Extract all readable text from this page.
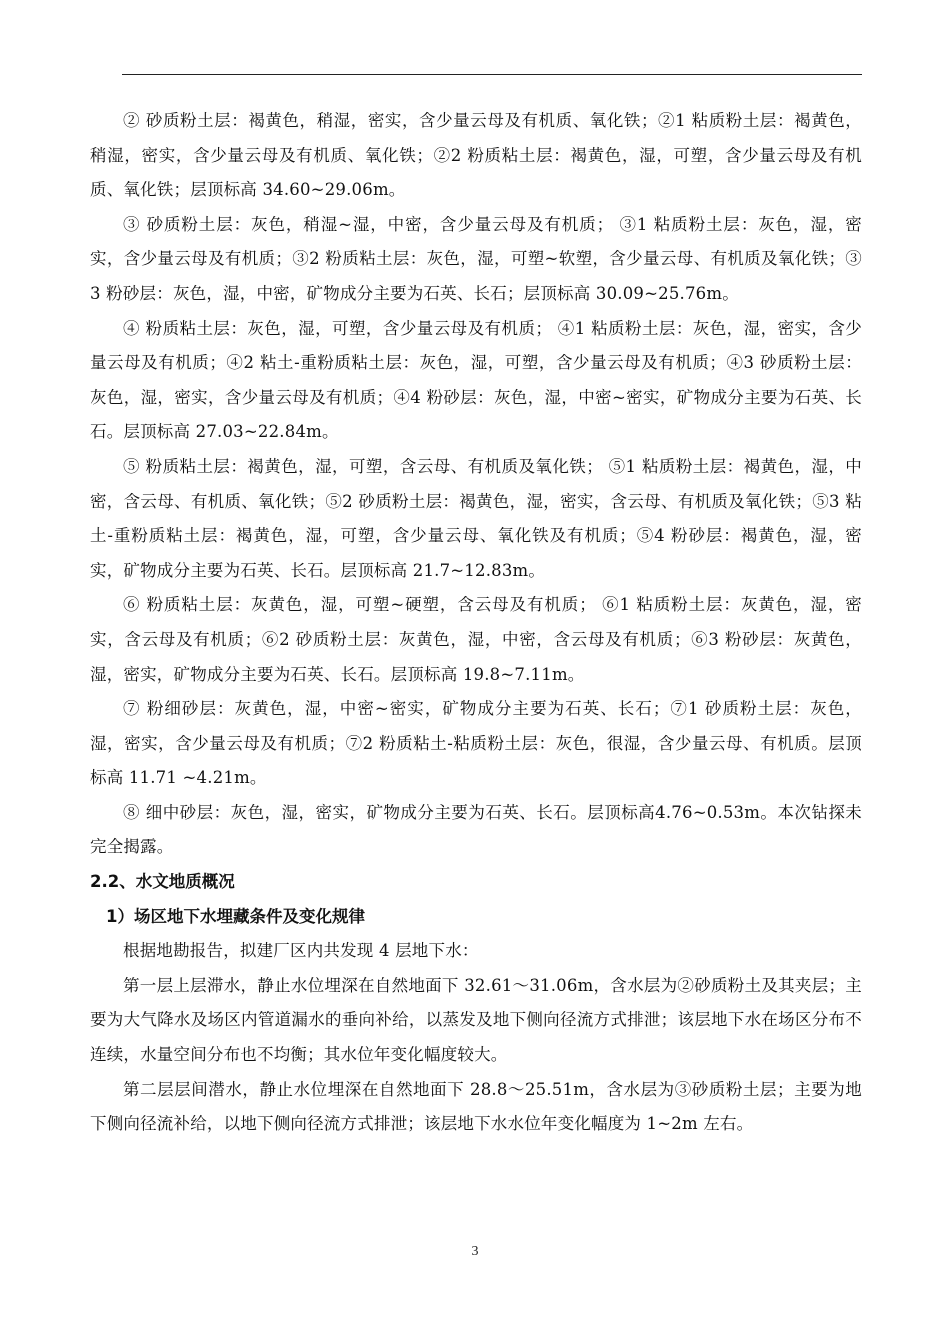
② 砂质粉土层：褐黄色，稍湿，密实，含少量云母及有机质、氧化铁；②1 粘质粉土层：褐黄色，稍湿，密实，含少量云母及有机质、氧化铁；②2 粉质粘土层：褐黄色，湿，可塑，含少量云母及有机质、氧化铁；层顶标高 34.60~29.06m。

③ 砂质粉土层：灰色，稍湿~湿，中密，含少量云母及有机质； ③1 粘质粉土层：灰色，湿，密实，含少量云母及有机质；③2 粉质粘土层：灰色，湿，可塑~软塑，含少量云母、有机质及氧化铁；③ 3 粉砂层：灰色，湿，中密，矿物成分主要为石英、长石；层顶标高 30.09~25.76m。

④ 粉质粘土层：灰色，湿，可塑，含少量云母及有机质； ④1 粘质粉土层：灰色，湿，密实，含少量云母及有机质；④2 粘土-重粉质粘土层：灰色，湿，可塑，含少量云母及有机质；④3 砂质粉土层：灰色，湿，密实，含少量云母及有机质；④4 粉砂层：灰色，湿，中密~密实，矿物成分主要为石英、长石。层顶标高 27.03~22.84m。

⑤ 粉质粘土层：褐黄色，湿，可塑，含云母、有机质及氧化铁； ⑤1 粘质粉土层：褐黄色，湿，中密，含云母、有机质、氧化铁；⑤2 砂质粉土层：褐黄色，湿，密实，含云母、有机质及氧化铁；⑤3 粘土-重粉质粘土层：褐黄色，湿，可塑，含少量云母、氧化铁及有机质；⑤4 粉砂层：褐黄色，湿，密实，矿物成分主要为石英、长石。层顶标高 21.7~12.83m。

⑥ 粉质粘土层：灰黄色，湿，可塑~硬塑，含云母及有机质； ⑥1 粘质粉土层：灰黄色，湿，密实，含云母及有机质；⑥2 砂质粉土层：灰黄色，湿，中密，含云母及有机质；⑥3 粉砂层：灰黄色，湿，密实，矿物成分主要为石英、长石。层顶标高 19.8~7.11m。

⑦ 粉细砂层：灰黄色，湿，中密~密实，矿物成分主要为石英、长石；⑦1 砂质粉土层：灰色， 湿，密实，含少量云母及有机质；⑦2 粉质粘土-粘质粉土层：灰色，很湿，含少量云母、有机质。层顶标高 11.71 ~4.21m。

⑧ 细中砂层：灰色，湿，密实，矿物成分主要为石英、长石。层顶标高4.76~0.53m。本次钻探未完全揭露。

2.2、水文地质概况

1）场区地下水埋藏条件及变化规律

根据地勘报告，拟建厂区内共发现 4 层地下水：

第一层上层滞水，静止水位埋深在自然地面下 32.61～31.06m，含水层为②砂质粉土及其夹层；主要为大气降水及场区内管道漏水的垂向补给，以蒸发及地下侧向径流方式排泄；该层地下水在场区分布不连续，水量空间分布也不均衡；其水位年变化幅度较大。

第二层层间潜水，静止水位埋深在自然地面下 28.8～25.51m，含水层为③砂质粉土层；主要为地下侧向径流补给，以地下侧向径流方式排泄；该层地下水水位年变化幅度为 1~2m 左右。

3
